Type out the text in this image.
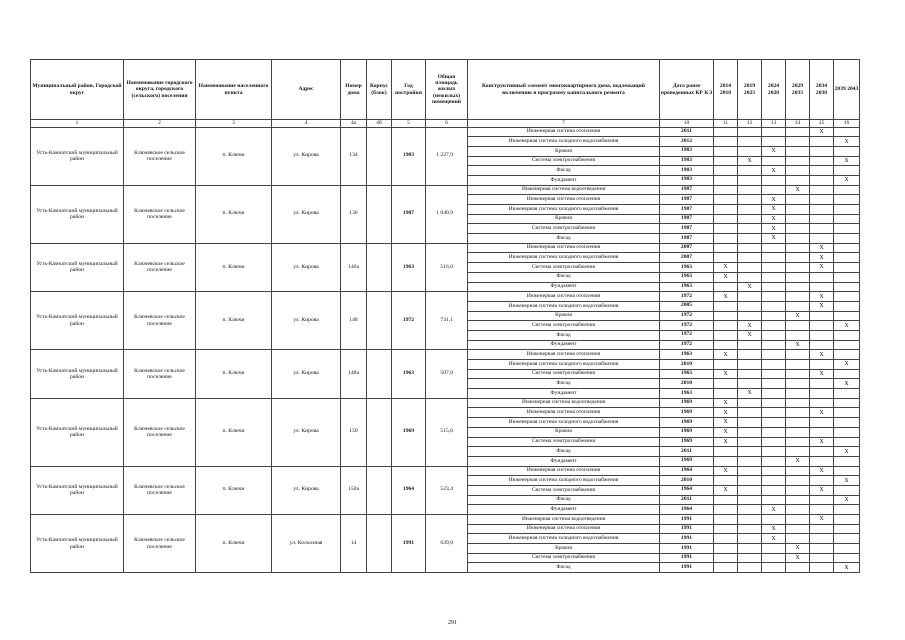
Муниципальный район, Городской округ	Наименование городского округа, городского (сельского) поселения	Наименование населенного пункта	Адрес	Номер дома	Корпус (блок)	Год постройки	Общая площадь жилых (нежилых) помещений	Конструктивный элемент многоквартирного дома, подлежащий включению в программу капитального ремонта	Дата ранее проведенных КР КЭ	2014 2018	2019 2023	2024 2028	2029 2033	2034 2038	2039 2043
1	2	3	4	4а	4б	5	6	7	10	11	12	13	14	15	16
Усть-Камчатский муниципальный район	Ключевское сельское поселение	п. Ключи	ул. Кирова	134		1983	1 227,9	Инженерная система отопления	2011					X	
								Инженерная система холодного водоснабжения	2012						X
								Кровля	1983			X			
								Система электроснабжения	1983		X				X
								Фасад	1983			X			
								Фундамент	1983						X
Усть-Камчатский муниципальный район	Ключевское сельское поселение	п. Ключи	ул. Кирова	136		1987	1 040,9	Инженерная система водоотведения	1987				X		
								Инженерная система отопления	1987			X			
								Инженерная система холодного водоснабжения	1987			X			
								Кровля	1987			X			
								Система электроснабжения	1987			X			
								Фасад	1987			X			
Усть-Камчатский муниципальный район	Ключевское сельское поселение	п. Ключи	ул. Кирова	146а		1963	516,0	Инженерная система отопления	2007					X	
								Инженерная система холодного водоснабжения	2007					X	
								Система электроснабжения	1963	X				X	
								Фасад	1963	X					
								Фундамент	1963		X				
Усть-Камчатский муниципальный район	Ключевское сельское поселение	п. Ключи	ул. Кирова	148		1972	731,1	Инженерная система отопления	1972	X				X	
								Инженерная система холодного водоснабжения	2005					X	
								Кровля	1972				X		
								Система электроснабжения	1972		X				X
								Фасад	1972		X				
								Фундамент	1972				X		
Усть-Камчатский муниципальный район	Ключевское сельское поселение	п. Ключи	ул. Кирова	148а		1963	507,0	Инженерная система отопления	1963	X				X	
								Инженерная система холодного водоснабжения	2010						X
								Система электроснабжения	1963	X				X	
								Фасад	2010						X
								Фундамент	1963		X				
Усть-Камчатский муниципальный район	Ключевское сельское поселение	п. Ключи	ул. Кирова	150		1969	515,6	Инженерная система водоотведения	1969	X					
								Инженерная система отопления	1969	X				X	
								Инженерная система холодного водоснабжения	1969	X					
								Кровля	1969	X					
								Система электроснабжения	1969	X				X	
								Фасад	2011						X
								Фундамент	1969				X		
Усть-Камчатский муниципальный район	Ключевское сельское поселение	п. Ключи	ул. Кирова	150а		1964	523,4	Инженерная система отопления	1964	X				X	
								Инженерная система холодного водоснабжения	2010						X
								Система электроснабжения	1964	X				X	
								Фасад	2011						X
								Фундамент	1964			X			
Усть-Камчатский муниципальный район	Ключевское сельское поселение	п. Ключи	ул. Колхозная	14		1991	639,0	Инженерная система водоотведения	1991					X	
								Инженерная система отопления	1991			X			
								Инженерная система холодного водоснабжения	1991			X			
								Кровля	1991				X		
								Система электроснабжения	1991				X		
								Фасад	1991						X
291
